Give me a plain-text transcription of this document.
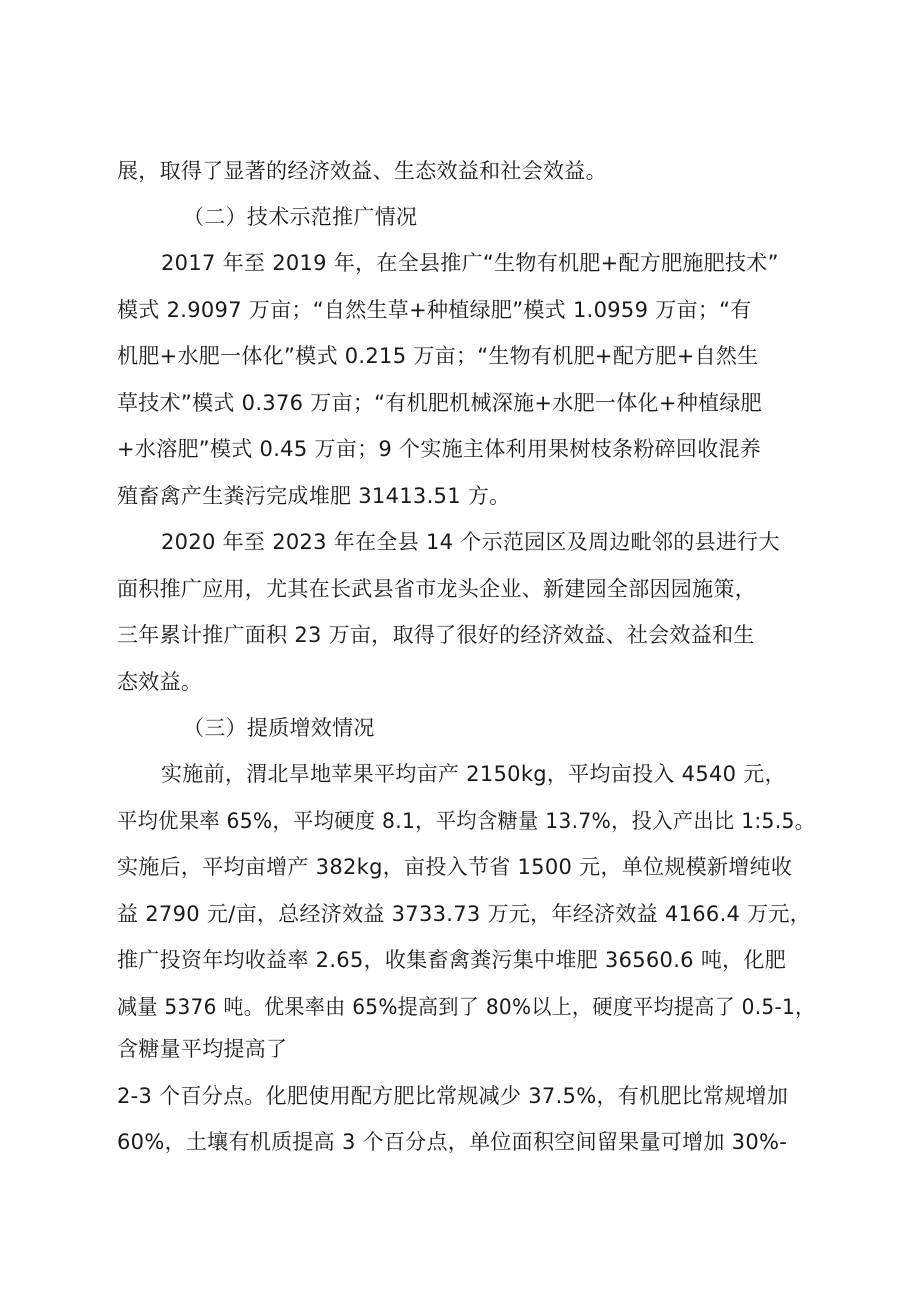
展，取得了显著的经济效益、生态效益和社会效益。

（二）技术示范推广情况

2017 年至 2019 年，在全县推广“生物有机肥+配方肥施肥技术”

模式 2.9097 万亩；“自然生草+种植绿肥”模式 1.0959 万亩；“有

机肥+水肥一体化”模式 0.215 万亩；“生物有机肥+配方肥+自然生

草技术”模式 0.376 万亩；“有机肥机械深施+水肥一体化+种植绿肥

+水溶肥”模式 0.45 万亩；9 个实施主体利用果树枝条粉碎回收混养

殖畜禽产生粪污完成堆肥 31413.51 方。

2020 年至 2023 年在全县 14 个示范园区及周边毗邻的县进行大

面积推广应用，尤其在长武县省市龙头企业、新建园全部因园施策，

三年累计推广面积 23 万亩，取得了很好的经济效益、社会效益和生

态效益。

（三）提质增效情况

实施前，渭北旱地苹果平均亩产 2150kg，平均亩投入 4540 元，

平均优果率 65%，平均硬度 8.1，平均含糖量 13.7%，投入产出比 1:5.5。

实施后，平均亩增产 382kg，亩投入节省 1500 元，单位规模新增纯收

益 2790 元/亩，总经济效益 3733.73 万元，年经济效益 4166.4 万元，

推广投资年均收益率 2.65，收集畜禽粪污集中堆肥 36560.6 吨，化肥

减量 5376 吨。优果率由 65%提高到了 80%以上，硬度平均提高了 0.5-1，

含糖量平均提高了

2-3 个百分点。化肥使用配方肥比常规减少 37.5%，有机肥比常规增加

60%，土壤有机质提高 3 个百分点，单位面积空间留果量可增加 30%-
